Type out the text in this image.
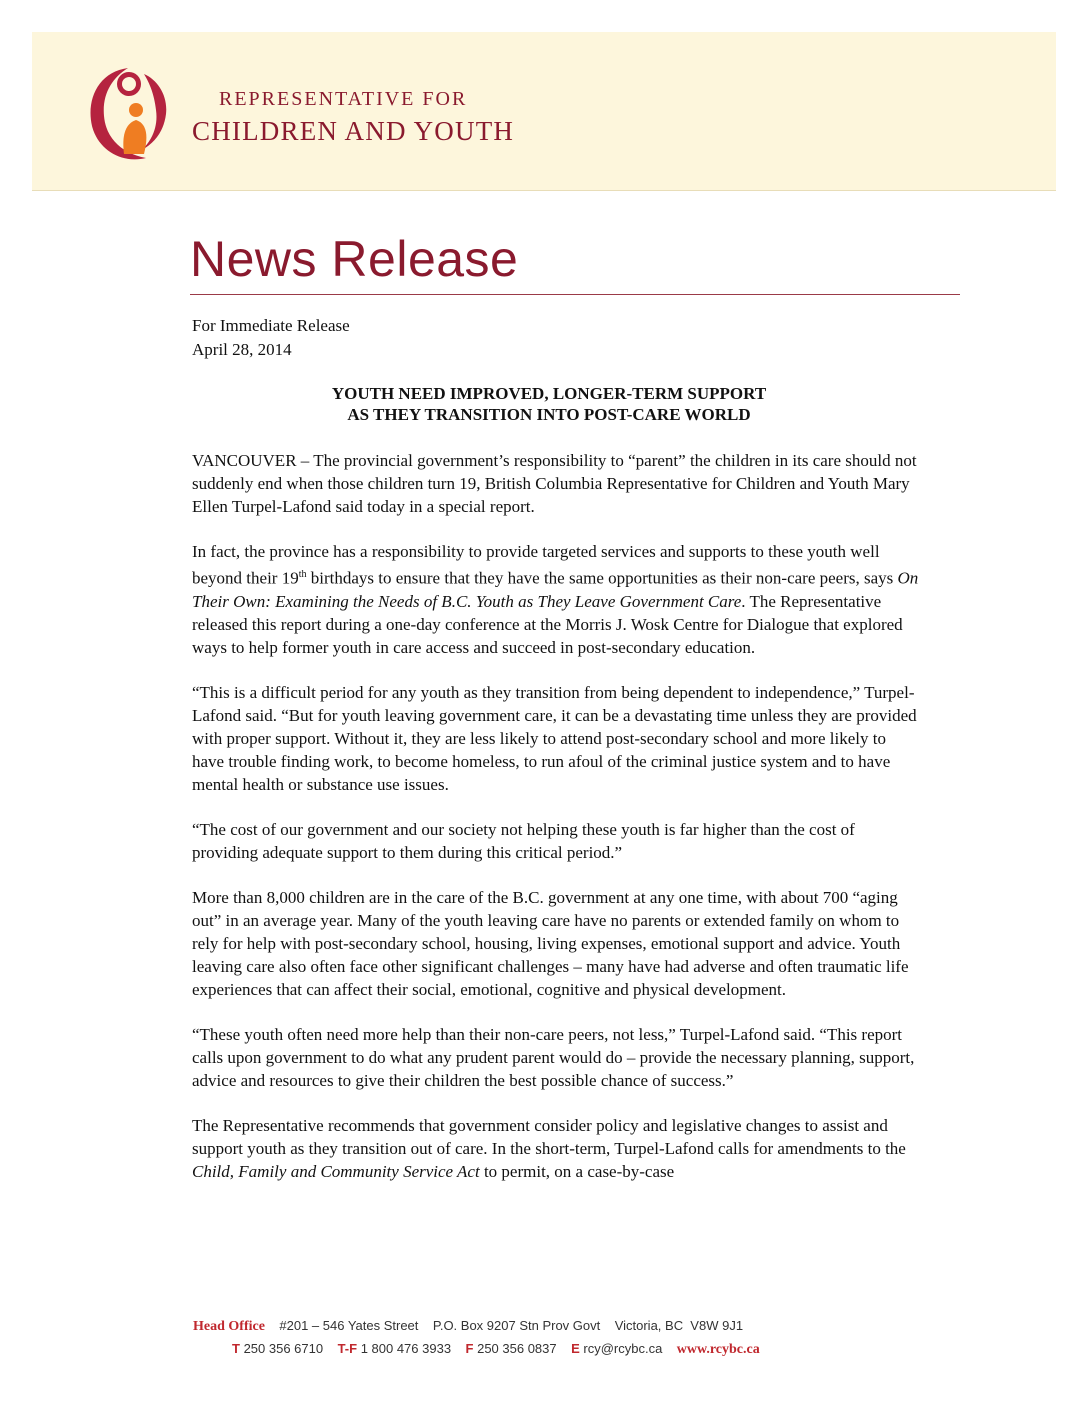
REPRESENTATIVE FOR
CHILDREN AND YOUTH
News Release
For Immediate Release
April 28, 2014
YOUTH NEED IMPROVED, LONGER-TERM SUPPORT
AS THEY TRANSITION INTO POST-CARE WORLD

VANCOUVER – The provincial government’s responsibility to “parent” the children in its care should not suddenly end when those children turn 19, British Columbia Representative for Children and Youth Mary Ellen Turpel-Lafond said today in a special report.

In fact, the province has a responsibility to provide targeted services and supports to these youth well beyond their 19th birthdays to ensure that they have the same opportunities as their non-care peers, says On Their Own: Examining the Needs of B.C. Youth as They Leave Government Care. The Representative released this report during a one-day conference at the Morris J. Wosk Centre for Dialogue that explored ways to help former youth in care access and succeed in post-secondary education.

“This is a difficult period for any youth as they transition from being dependent to independence,” Turpel-Lafond said. “But for youth leaving government care, it can be a devastating time unless they are provided with proper support. Without it, they are less likely to attend post-secondary school and more likely to have trouble finding work, to become homeless, to run afoul of the criminal justice system and to have mental health or substance use issues.

“The cost of our government and our society not helping these youth is far higher than the cost of providing adequate support to them during this critical period.”

More than 8,000 children are in the care of the B.C. government at any one time, with about 700 “aging out” in an average year. Many of the youth leaving care have no parents or extended family on whom to rely for help with post-secondary school, housing, living expenses, emotional support and advice. Youth leaving care also often face other significant challenges – many have had adverse and often traumatic life experiences that can affect their social, emotional, cognitive and physical development.

“These youth often need more help than their non-care peers, not less,” Turpel-Lafond said. “This report calls upon government to do what any prudent parent would do – provide the necessary planning, support, advice and resources to give their children the best possible chance of success.”

The Representative recommends that government consider policy and legislative changes to assist and support youth as they transition out of care. In the short-term, Turpel-Lafond calls for amendments to the Child, Family and Community Service Act to permit, on a case-by-case

Head Office #201 – 546 Yates Street    P.O. Box 9207 Stn Prov Govt    Victoria, BC  V8W 9J1
T 250 356 6710 T-F 1 800 476 3933 F 250 356 0837 E rcy@rcybc.ca www.rcybc.ca
